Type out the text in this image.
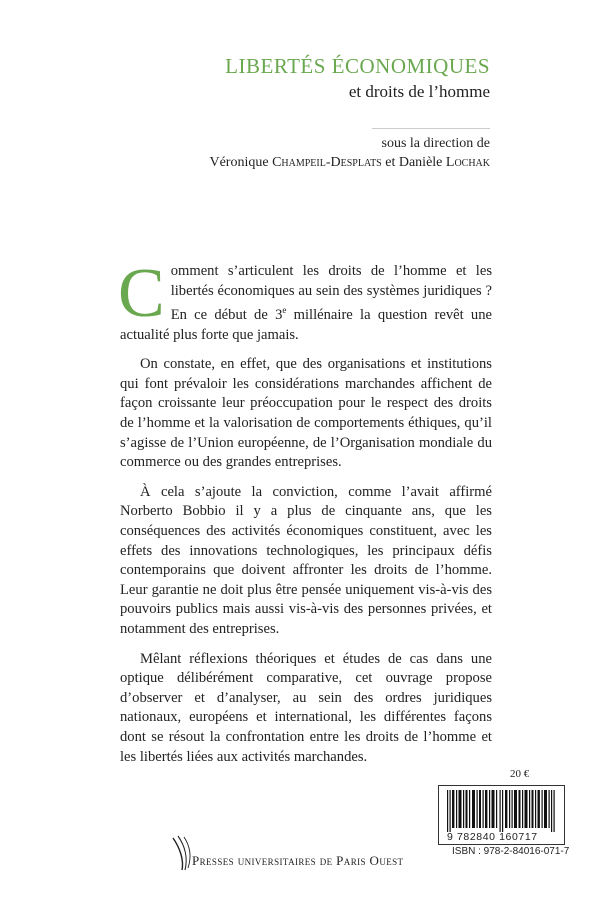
LIBERTÉS ÉCONOMIQUES
et droits de l’homme
sous la direction de
Véronique Champeil-Desplats et Danièle Lochak

Comment s’articulent les droits de l’homme et les libertés économiques au sein des systèmes juridiques ? En ce début de 3e millénaire la question revêt une actualité plus forte que jamais.

On constate, en effet, que des organisations et institutions qui font prévaloir les considérations marchandes affichent de façon croissante leur préoccupation pour le respect des droits de l’homme et la valorisation de comportements éthiques, qu’il s’agisse de l’Union européenne, de l’Organisation mondiale du commerce ou des grandes entreprises.

À cela s’ajoute la conviction, comme l’avait affirmé Norberto Bobbio il y a plus de cinquante ans, que les conséquences des activités économiques constituent, avec les effets des innovations technologiques, les principaux défis contemporains que doivent affronter les droits de l’homme. Leur garantie ne doit plus être pensée uniquement vis-à-vis des pouvoirs publics mais aussi vis-à-vis des personnes privées, et notamment des entreprises.

Mêlant réflexions théoriques et études de cas dans une optique délibérément comparative, cet ouvrage propose d’observer et d’analyser, au sein des ordres juridiques nationaux, européens et international, les différentes façons dont se résout la confrontation entre les droits de l’homme et les libertés liées aux activités marchandes.

20 €
9 782840 160717
ISBN : 978-2-84016-071-7
Presses universitaires de Paris Ouest
